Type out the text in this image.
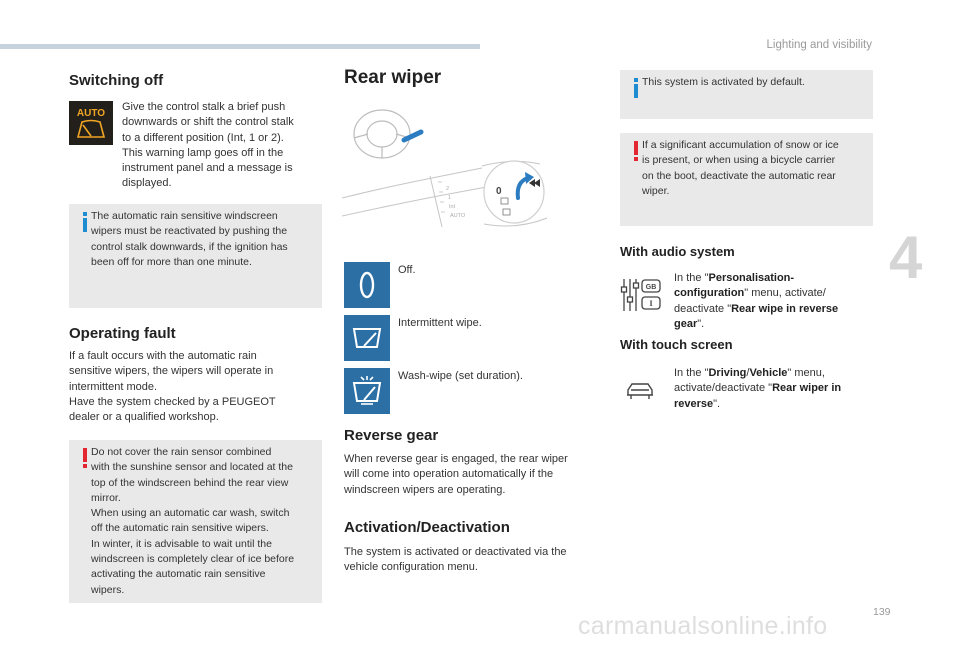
Lighting and visibility
4
139
carmanualsonline.info
Switching off
AUTO
Give the control stalk a brief push
downwards or shift the control stalk
to a different position (Int, 1 or 2).
This warning lamp goes off in the
instrument panel and a message is
displayed.
The automatic rain sensitive windscreen
wipers must be reactivated by pushing the
control stalk downwards, if the ignition has
been off for more than one minute.
Operating fault
If a fault occurs with the automatic rain
sensitive wipers, the wipers will operate in
intermittent mode.
Have the system checked by a PEUGEOT
dealer or a qualified workshop.
Do not cover the rain sensor combined
with the sunshine sensor and located at the
top of the windscreen behind the rear view
mirror.
When using an automatic car wash, switch
off the automatic rain sensitive wipers.
In winter, it is advisable to wait until the
windscreen is completely clear of ice before
activating the automatic rain sensitive
wipers.
Rear wiper
2
1
Int
AUTO
0
Off.
Intermittent wipe.
Wash-wipe (set duration).
Reverse gear
When reverse gear is engaged, the rear wiper
will come into operation automatically if the
windscreen wipers are operating.
Activation/Deactivation
The system is activated or deactivated via the
vehicle configuration menu.
This system is activated by default.
If a significant accumulation of snow or ice
is present, or when using a bicycle carrier
on the boot, deactivate the automatic rear
wiper.
With audio system
GB
I
In the "Personalisation-
configuration" menu, activate/
deactivate "Rear wipe in reverse
gear".
With touch screen
In the "Driving/Vehicle" menu,
activate/deactivate "Rear wiper in
reverse".
